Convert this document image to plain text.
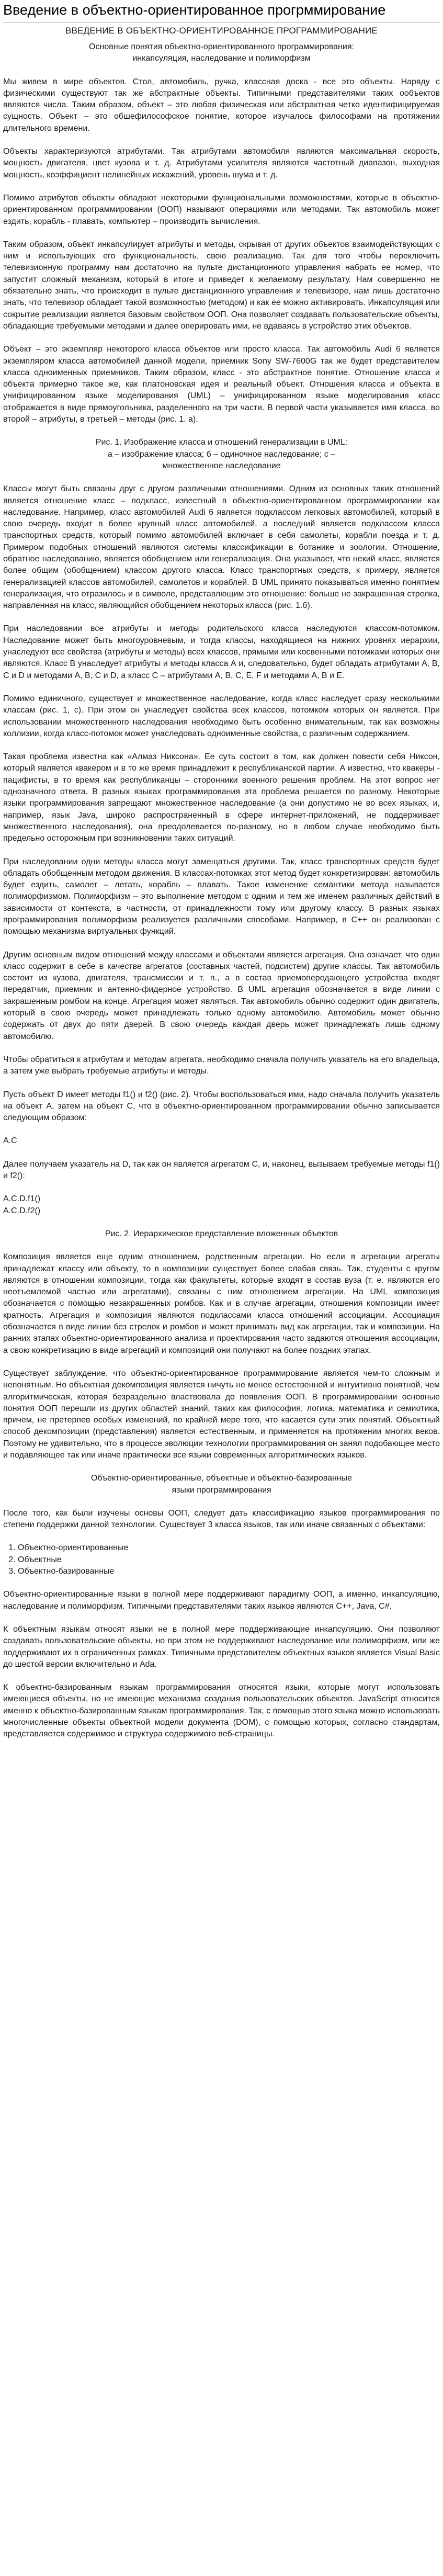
Введение в объектно-ориентированное прогрммирование
ВВЕДЕНИЕ В ОБЪЕКТНО-ОРИЕНТИРОВАННОЕ ПРОГРАММИРОВАНИЕ

Основные понятия объектно-ориентированного программирования:

инкапсуляция, наследование и полиморфизм

Мы живем в мире объектов. Стол, автомобиль, ручка, классная доска - все это объекты. Наряду с физическими существуют так же абстрактные объекты. Типичными представителями таких ообъектов являются числа. Таким образом, объект – это любая физическая или абстрактная четко идентифицируемая сущность. Объект – это обшефилософское понятие, которое изучалось философами на протяжении длительного времени.

Объекты характеризуются атрибутами. Так атрибутами автомобиля являются максимальная скорость, мощность двигателя, цвет кузова и т. д. Атрибутами усилителя являются частотный диапазон, выходная мощность, коэффициент нелинейных искажений, уровень шума и т. д.

Помимо атрибутов объекты обладают некоторыми функциональными возможностями, которые в объектно-ориентированном программировании (ООП) называют операциями или методами. Так автомобиль может ездить, корабль - плавать, компьютер – производить вычисления.

Таким образом, объект инкапсулирует атрибуты и методы, скрывая от других объектов взаимодействующих с ним и использующих его функциональность, свою реализацию. Так для того чтобы переключить телевизионную программу нам достаточно на пульте дистанционного управления набрать ее номер, что запустит сложный механизм, который в итоге и приведет к желаемому результату. Нам совершенно не обязательно знать, что происходит в пульте дистанционного управления и телевизоре, нам лишь достаточно знать, что телевизор обладает такой возможностью (методом) и как ее можно активировать. Инкапсуляция или сокрытие реализации является базовым свойством ООП. Она позволяет создавать пользовательские объекты, обладающие требуемыми методами и далее оперировать ими, не вдаваясь в устройство этих объектов.

Объект – это экземпляр некоторого класса объектов или просто класса. Так автомобиль Audi 6 является экземпляром класса автомобилей данной модели, приемник Sony SW-7600G так же будет представителем класса одноименных приемников. Таким образом, класс - это абстрактное понятие. Отношение класса и объекта примерно такое же, как платоновская идея и реальный объект. Отношения класса и объекта в унифицированном языке моделирования (UML) – унифицированном языке моделирования класс отображается в виде прямоугольника, разделенного на три части. В первой части указывается имя класса, во второй – атрибуты, в третьей – методы (рис. 1. а).

Рис. 1. Изображение класса и отношений генерализации в UML:
а – изображение класса; б – одиночное наследование; с –
множественное наследование

Классы могут быть связаны друг с другом различными отношениями. Одним из основных таких отношений является отношение класс – подкласс, известный в объектно-ориентированном программировании как наследование. Например, класс автомобилей Audi 6 является подклассом легковых автомобилей, который в свою очередь входит в более крупный класс автомобилей, а последний является подклассом класса транспортных средств, который помимо автомобилей включает в себя самолеты, корабли поезда и т. д. Примером подобных отношений являются системы классификации в ботанике и зоологии. Отношение, обратное наследованию, является обобщением или генерализация. Она указывает, что некий класс, является более общим (обобщением) классом другого класса. Класс транспортных средств, к примеру, является генерализацией классов автомобилей, самолетов и кораблей. В UML принято показываться именно понятием генерализация, что отразилось и в символе, представлющим это отношение: больше не закрашенная стрелка, направленная на класс, являющийся обобщением некоторых класса (рис. 1.б).

При наследовании все атрибуты и методы родительского класса наследуются классом-потомком. Наследование может быть многоуровневым, и тогда классы, находящиеся на нижних уровнях иерархии, унаследуют все свойства (атрибуты и методы) всех классов, прямыми или косвенными потомками которых они являются. Класс В унаследует атрибуты и методы класса А и, следовательно, будет обладать атрибутами А, В, С и D и методами А, В, С и D, а класс С – атрибутами А, В, С, Е, F и методами А, В и Е.

Помимо единичного, существует и множественное наследование, когда класс наследует сразу несколькими классам (рис. 1, с). При этом он унаследует свойства всех классов, потомком которых он является. При использовании множественного наследования необходимо быть особенно внимательным, так как возможны коллизии, когда класс-потомок может унаследовать одноименные свойства, с различным содержанием.

Такая проблема известна как «Алмаз Никсона». Ее суть состоит в том, как должен повести себя Никсон, который является квакером и в то же время принадлежит к республиканской партии. А известно, что квакеры - пацифисты, в то время как республиканцы – сторонники военного решения проблем. На этот вопрос нет однозначного ответа. В разных языках программирования эта проблема решается по разному. Некоторые языки программирования запрещают множественное наследование (а они допустимо не во всех языках, и, например, язык Java, широко распространенный в сфере интернет-приложений, не поддерживает множественного наследования), она преодолевается по-разному, но в любом случае необходимо быть предельно осторожным при возникновении таких ситуаций.

При наследовании одни методы класса могут замещаться другими. Так, класс транспортных средств будет обладать обобщенным методом движения. В классах-потомках этот метод будет конкретизирован: автомобиль будет ездить, самолет – летать, корабль – плавать. Такое изменение семантики метода называется полиморфизмом. Полиморфизм – это выполнение методом с одним и тем же именем различных действий в зависимости от контекста, в частности, от принадлежности тому или другому классу. В разных языках программирования полиморфизм реализуется различными способами. Например, в C++ он реализован с помощью механизма виртуальных функций.

Другим основным видом отношений между классами и объектами является агрегация. Она означает, что один класс содержит в себе в качестве агрегатов (составных частей, подсистем) другие классы. Так автомобиль состоит из кузова, двигателя, трансмиссии и т. п., а в состав приемопередающего устройства входят передатчик, приемник и антенно-фидерное устройство. В UML агрегация обозначается в виде линии с закрашенным ромбом на конце. Агрегация может являться. Так автомобиль обычно содержит один двигатель, который в свою очередь может принадлежать только одному автомобилю. Автомобиль может обычно содержать от двух до пяти дверей. В свою очередь каждая дверь может принадлежать лишь одному автомобилю.

Чтобы обратиться к атрибутам и методам агрегата, необходимо сначала получить указатель на его владельца, а затем уже выбрать требуемые атрибуты и методы.

Пусть объект D имеет методы f1() и f2() (рис. 2). Чтобы воспользоваться ими, надо сначала получить указатель на объект А, затем на объект С, что в объектно-ориентированном программировании обычно записывается следующим образом:

A.C

Далее получаем указатель на D, так как он является агрегатом С, и, наконец, вызываем требуемые методы f1() и f2():

A.C.D.f1()
A.C.D.f2()
Рис. 2. Иерархическое представление вложенных объектов

Композиция является еще одним отношением, родственным агрегации. Но если в агрегации агрегаты принадлежат классу или объекту, то в композиции существует более слабая связь. Так, студенты с кругом являются в отношении композиции, тогда как факультеты, которые входят в состав вуза (т. е. являются его неотъемлемой частью или агрегатами), связаны с ним отношением агрегации. На UML композиция обозначается с помощью незакрашенных ромбов. Как и в случае агрегации, отношения композиции имеет кратность. Агрегация и композиция являются подклассами класса отношений ассоциации. Ассоциация обозначается в виде линии без стрелок и ромбов и может принимать вид как агрегации, так и композиции. На ранних этапах объектно-ориентированного анализа и проектирования часто задаются отношения ассоциации, а свою конкретизацию в виде агрегаций и композиций они получают на более поздних этапах.

Существует заблуждение, что объектно-ориентированное программирование является чем-то сложным и непонятным. Но объектная декомпозиция является ничуть не менее естественной и интуитивно понятной, чем алгоритмическая, которая безраздельно властвовала до появления ООП. В программировании основные понятия ООП перешли из других областей знаний, таких как философия, логика, математика и семиотика, причем, не претерпев особых изменений, по крайней мере того, что касается сути этих понятий. Объектный способ декомпозиции (представления) является естественным, и применяется на протяжении многих веков. Поэтому не удивительно, что в процессе эволюции технологии программирования он занял подобающее место и подавляющее так или иначе практически все языки современных алгоритмических языков.

Объектно-ориентированные, объектные и объектно-базированные

языки программирования

После того, как были изучены основы ООП, следует дать классификацию языков программирования по степени поддержки данной технологии. Существует 3 класса языков, так или иначе связанных с объектами:

1. Объектно-ориентированные
2. Объектные
3. Объектно-базированные

Объектно-ориентированные языки в полной мере поддерживают парадигму ООП, а именно, инкапсуляцию, наследование и полиморфизм. Типичными представителями таких языков являются C++, Java, C#.

К объектным языкам относят языки не в полной мере поддерживающие инкапсуляцию. Они позволяют создавать пользовательские объекты, но при этом не поддерживают наследование или полиморфизм, или же поддерживают их в ограниченных рамках. Типичными представителем объектных языков является Visual Basic до шестой версии включительно и Ada.

К объектно-базированным языкам программирования относятся языки, которые могут использовать имеющиеся объекты, но не имеющие механизма создания пользовательских объектов. JavaScript относится именно к объектно-базированным языкам программирования. Так, с помощью этого языка можно использовать многочисленные объекты объектной модели документа (DOM), с помощью которых, согласно стандартам, представляется содержимое и структура содержимого веб-страницы.
